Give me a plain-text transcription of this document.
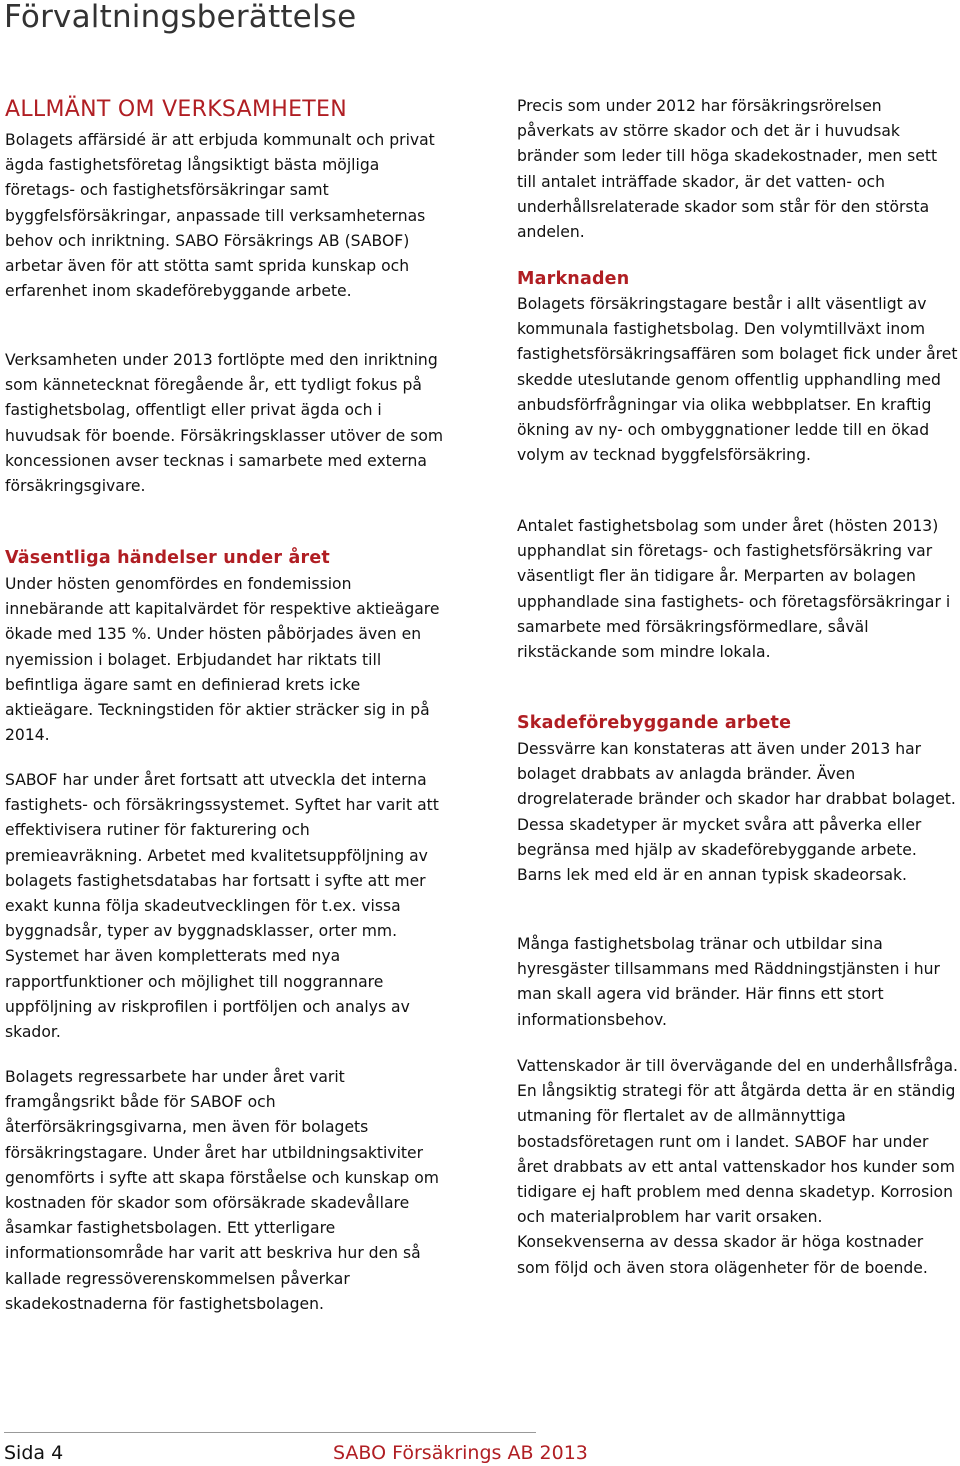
Förvaltningsberättelse
ALLMÄNT OM VERKSAMHETEN

Bolagets affärsidé är att erbjuda kommunalt och privat ägda fastighetsföretag långsiktigt bästa möjliga företags- och fastighetsförsäkringar samt byggfelsförsäkringar, anpassade till verksamheternas behov och inriktning. SABO Försäkrings AB (SABOF) arbetar även för att stötta samt sprida kunskap och erfarenhet inom skadeförebyggande arbete.

Verksamheten under 2013 fortlöpte med den inriktning som kännetecknat föregående år, ett tydligt fokus på fastighetsbolag, offentligt eller privat ägda och i huvudsak för boende. Försäkringsklasser utöver de som koncessionen avser tecknas i samarbete med externa försäkringsgivare.

Väsentliga händelser under året

Under hösten genomfördes en fondemission innebärande att kapitalvärdet för respektive aktieägare ökade med 135 %. Under hösten påbörjades även en nyemission i bolaget. Erbjudandet har riktats till befintliga ägare samt en definierad krets icke aktieägare. Teckningstiden för aktier sträcker sig in på 2014.

SABOF har under året fortsatt att utveckla det interna fastighets- och försäkringssystemet. Syftet har varit att effektivisera rutiner för fakturering och premieavräkning. Arbetet med kvalitetsuppföljning av bolagets fastighetsdatabas har fortsatt i syfte att mer exakt kunna följa skadeutvecklingen för t.ex. vissa byggnadsår, typer av byggnadsklasser, orter mm. Systemet har även kompletterats med nya rapportfunktioner och möjlighet till noggrannare uppföljning av riskprofilen i portföljen och analys av skador.

Bolagets regressarbete har under året varit framgångsrikt både för SABOF och återförsäkringsgivarna, men även för bolagets försäkringstagare. Under året har utbildningsaktiviter genomförts i syfte att skapa förståelse och kunskap om kostnaden för skador som oförsäkrade skadevållare åsamkar fastighetsbolagen. Ett ytterligare informationsområde har varit att beskriva hur den så kallade regressöverenskommelsen påverkar skadekostnaderna för fastighetsbolagen.

Precis som under 2012 har försäkringsrörelsen påverkats av större skador och det är i huvudsak bränder som leder till höga skadekostnader, men sett till antalet inträffade skador, är det vatten- och underhållsrelaterade skador som står för den största andelen.

Marknaden

Bolagets försäkringstagare består i allt väsentligt av kommunala fastighetsbolag. Den volymtillväxt inom fastighetsförsäkringsaffären som bolaget fick under året skedde uteslutande genom offentlig upphandling med anbudsförfrågningar via olika webbplatser. En kraftig ökning av ny- och ombyggnationer ledde till en ökad volym av tecknad byggfelsförsäkring.

Antalet fastighetsbolag som under året (hösten 2013) upphandlat sin företags- och fastighetsförsäkring var väsentligt fler än tidigare år. Merparten av bolagen upphandlade sina fastighets- och företagsförsäkringar i samarbete med försäkringsförmedlare, såväl rikstäckande som mindre lokala.

Skadeförebyggande arbete

Dessvärre kan konstateras att även under 2013 har bolaget drabbats av anlagda bränder. Även drogrelaterade bränder och skador har drabbat bolaget. Dessa skadetyper är mycket svåra att påverka eller begränsa med hjälp av skadeförebyggande arbete. Barns lek med eld är en annan typisk skadeorsak.

Många fastighetsbolag tränar och utbildar sina hyresgäster tillsammans med Räddningstjänsten i hur man skall agera vid bränder. Här finns ett stort informationsbehov.

Vattenskador är till övervägande del en underhållsfråga. En långsiktig strategi för att åtgärda detta är en ständig utmaning för flertalet av de allmännyttiga bostadsföretagen runt om i landet. SABOF har under året drabbats av ett antal vattenskador hos kunder som tidigare ej haft problem med denna skadetyp. Korrosion och materialproblem har varit orsaken.

Konsekvenserna av dessa skador är höga kostnader som följd och även stora olägenheter för de boende.

Sida 4	SABO Försäkrings AB 2013
